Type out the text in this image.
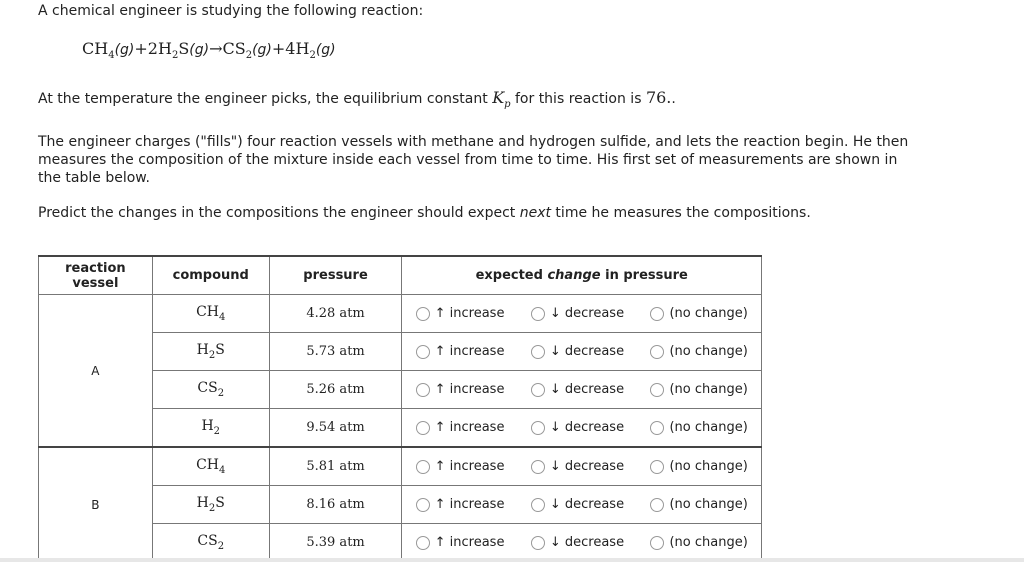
A chemical engineer is studying the following reaction:

$CH_4(g)+2H_2S(g)\to CS_2(g)+4H_2(g)$

At the temperature the engineer picks, the equilibrium constant $K_p$ for this reaction is 76..

The engineer charges ("fills") four reaction vessels with methane and hydrogen sulfide, and lets the reaction begin. He then

measures the composition of the mixture inside each vessel from time to time. His first set of measurements are shown in

the table below.

Predict the changes in the compositions the engineer should expect next time he measures the compositions.

reaction
vessel	compound	pressure	expected change in pressure
A	$CH_4$	4.28 atm	↑ increase ↓ decrease (no change)

	$H_2S$	5.73 atm	↑ increase ↓ decrease (no change)

	$CS_2$	5.26 atm	↑ increase ↓ decrease (no change)

	$H_2$	9.54 atm	↑ increase ↓ decrease (no change)

B	$CH_4$	5.81 atm	↑ increase ↓ decrease (no change)

	$H_2S$	8.16 atm	↑ increase ↓ decrease (no change)

	$CS_2$	5.39 atm	↑ increase ↓ decrease (no change)
